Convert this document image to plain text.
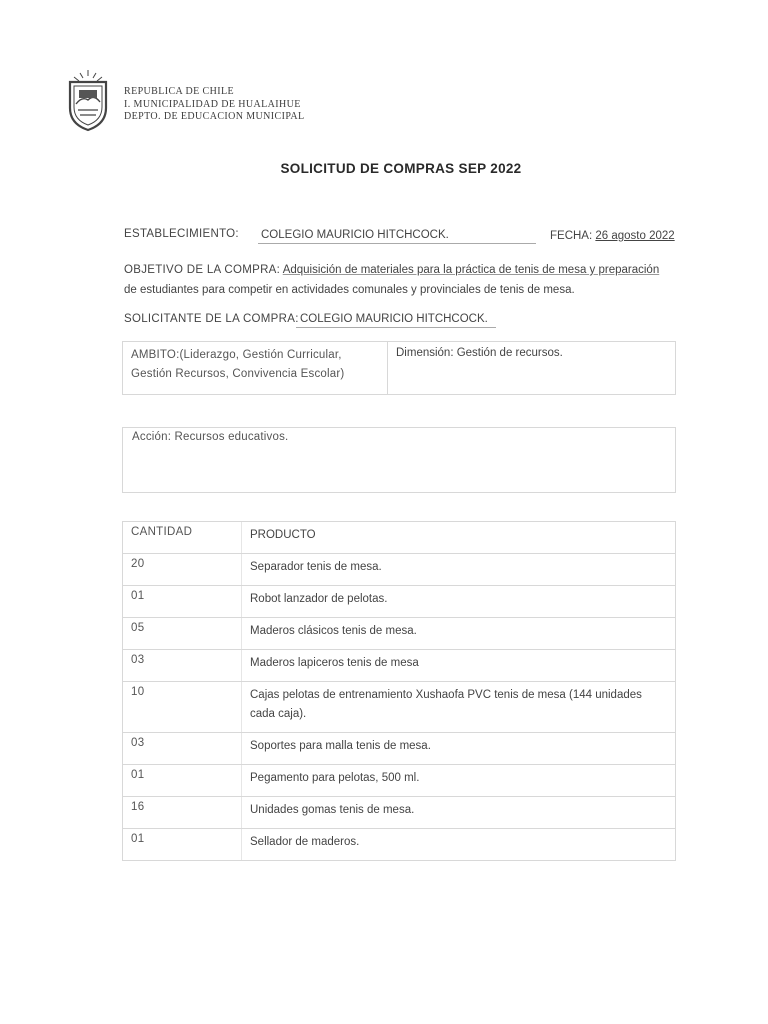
REPUBLICA DE CHILE
I. MUNICIPALIDAD DE HUALAIHUE
DEPTO. DE EDUCACION MUNICIPAL
SOLICITUD DE COMPRAS SEP 2022
ESTABLECIMIENTO: COLEGIO MAURICIO HITCHCOCK.	FECHA: 26 agosto 2022
OBJETIVO DE LA COMPRA: Adquisición de materiales para la práctica de tenis de mesa y preparación
de estudiantes para competir en actividades comunales y provinciales de tenis de mesa.
SOLICITANTE DE LA COMPRA: COLEGIO MAURICIO HITCHCOCK.
AMBITO:(Liderazgo, Gestión Curricular,
Gestión Recursos, Convivencia Escolar)
Dimensión: Gestión de recursos.
Acción: Recursos educativos.
CANTIDAD	PRODUCTO
20	Separador tenis de mesa.
01	Robot lanzador de pelotas.
05	Maderos clásicos tenis de mesa.
03	Maderos lapiceros tenis de mesa
10	Cajas pelotas de entrenamiento Xushaofa PVC tenis de mesa (144 unidades cada caja).
03	Soportes para malla tenis de mesa.
01	Pegamento para pelotas, 500 ml.
16	Unidades gomas tenis de mesa.
01	Sellador de maderos.
